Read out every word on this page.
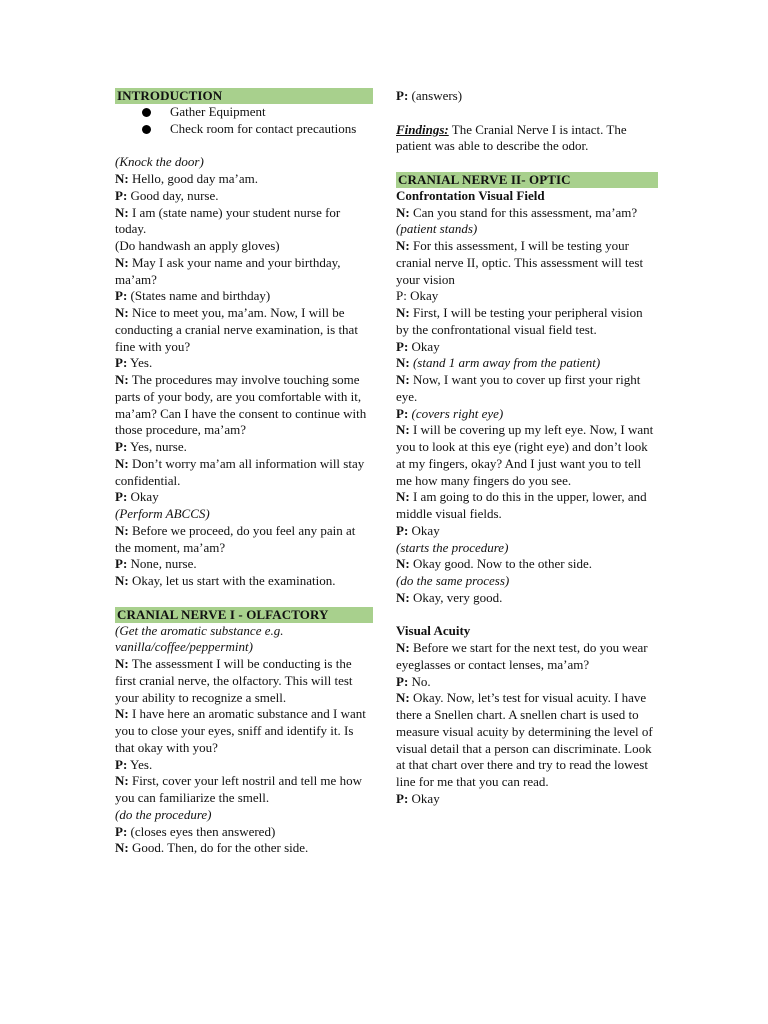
INTRODUCTION
Gather Equipment
Check room for contact precautions
(Knock the door)
N: Hello, good day ma’am.
P: Good day, nurse.
N: I am (state name) your student nurse for today.
(Do handwash an apply gloves)
N: May I ask your name and your birthday, ma’am?
P: (States name and birthday)
N: Nice to meet you, ma’am. Now, I will be conducting a cranial nerve examination, is that fine with you?
P: Yes.
N: The procedures may involve touching some parts of your body, are you comfortable with it, ma’am? Can I have the consent to continue with those procedure, ma’am?
P: Yes, nurse.
N: Don’t worry ma’am all information will stay confidential.
P: Okay
(Perform ABCCS)
N: Before we proceed, do you feel any pain at the moment, ma’am?
P: None, nurse.
N: Okay, let us start with the examination.
CRANIAL NERVE I - OLFACTORY
(Get the aromatic substance e.g. vanilla/coffee/peppermint)
N: The assessment I will be conducting is the first cranial nerve, the olfactory. This will test your ability to recognize a smell.
N: I have here an aromatic substance and I want you to close your eyes, sniff and identify it. Is that okay with you?
P: Yes.
N: First, cover your left nostril and tell me how you can familiarize the smell.
(do the procedure)
P: (closes eyes then answered)
N: Good. Then, do for the other side.
P: (answers)
Findings: The Cranial Nerve I is intact. The patient was able to describe the odor.
CRANIAL NERVE II- OPTIC
Confrontation Visual Field
N: Can you stand for this assessment, ma’am?
(patient stands)
N: For this assessment, I will be testing your cranial nerve II, optic. This assessment will test your vision
P: Okay
N: First, I will be testing your peripheral vision by the confrontational visual field test.
P: Okay
N: (stand 1 arm away from the patient)
N: Now, I want you to cover up first your right eye.
P: (covers right eye)
N: I will be covering up my left eye. Now, I want you to look at this eye (right eye) and don’t look at my fingers, okay? And I just want you to tell me how many fingers do you see.
N: I am going to do this in the upper, lower, and middle visual fields.
P: Okay
(starts the procedure)
N: Okay good. Now to the other side.
(do the same process)
N: Okay, very good.
Visual Acuity
N: Before we start for the next test, do you wear eyeglasses or contact lenses, ma’am?
P: No.
N: Okay. Now, let’s test for visual acuity. I have there a Snellen chart. A snellen chart is used to measure visual acuity by determining the level of visual detail that a person can discriminate. Look at that chart over there and try to read the lowest line for me that you can read.
P: Okay
